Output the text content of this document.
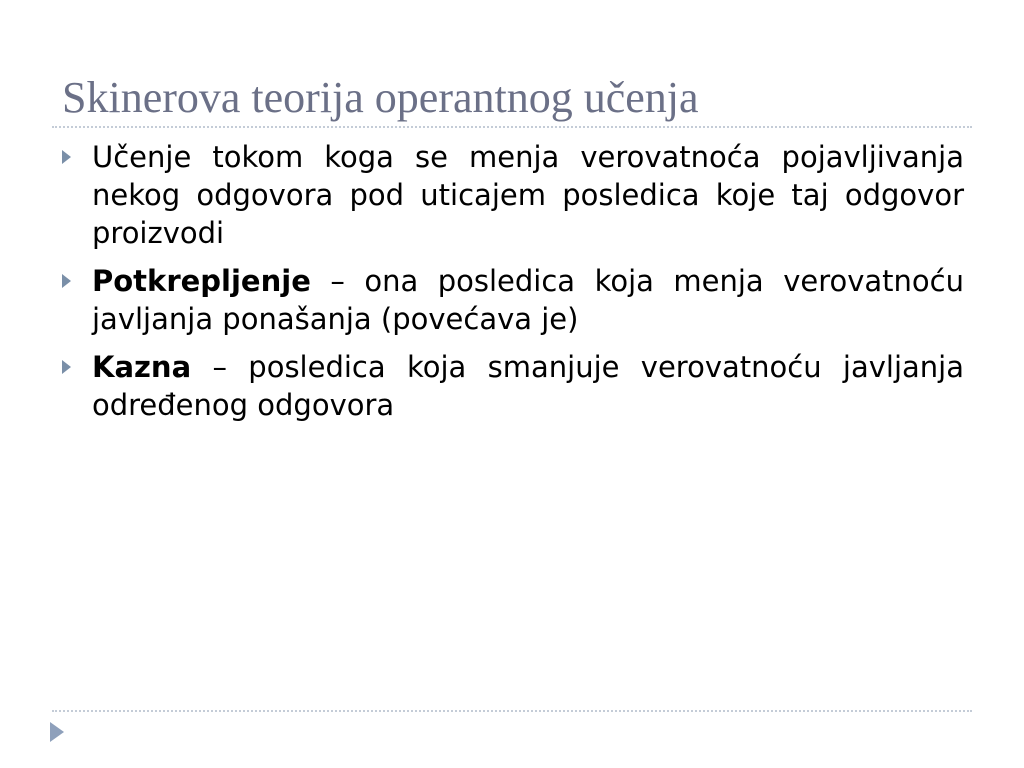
Skinerova teorija operantnog učenja
Učenje tokom koga se menja verovatnoća pojavljivanja nekog odgovora pod uticajem posledica koje taj odgovor proizvodi
Potkrepljenje – ona posledica koja menja verovatnoću javljanja ponašanja (povećava je)
Kazna – posledica koja smanjuje verovatnoću javljanja određenog odgovora
